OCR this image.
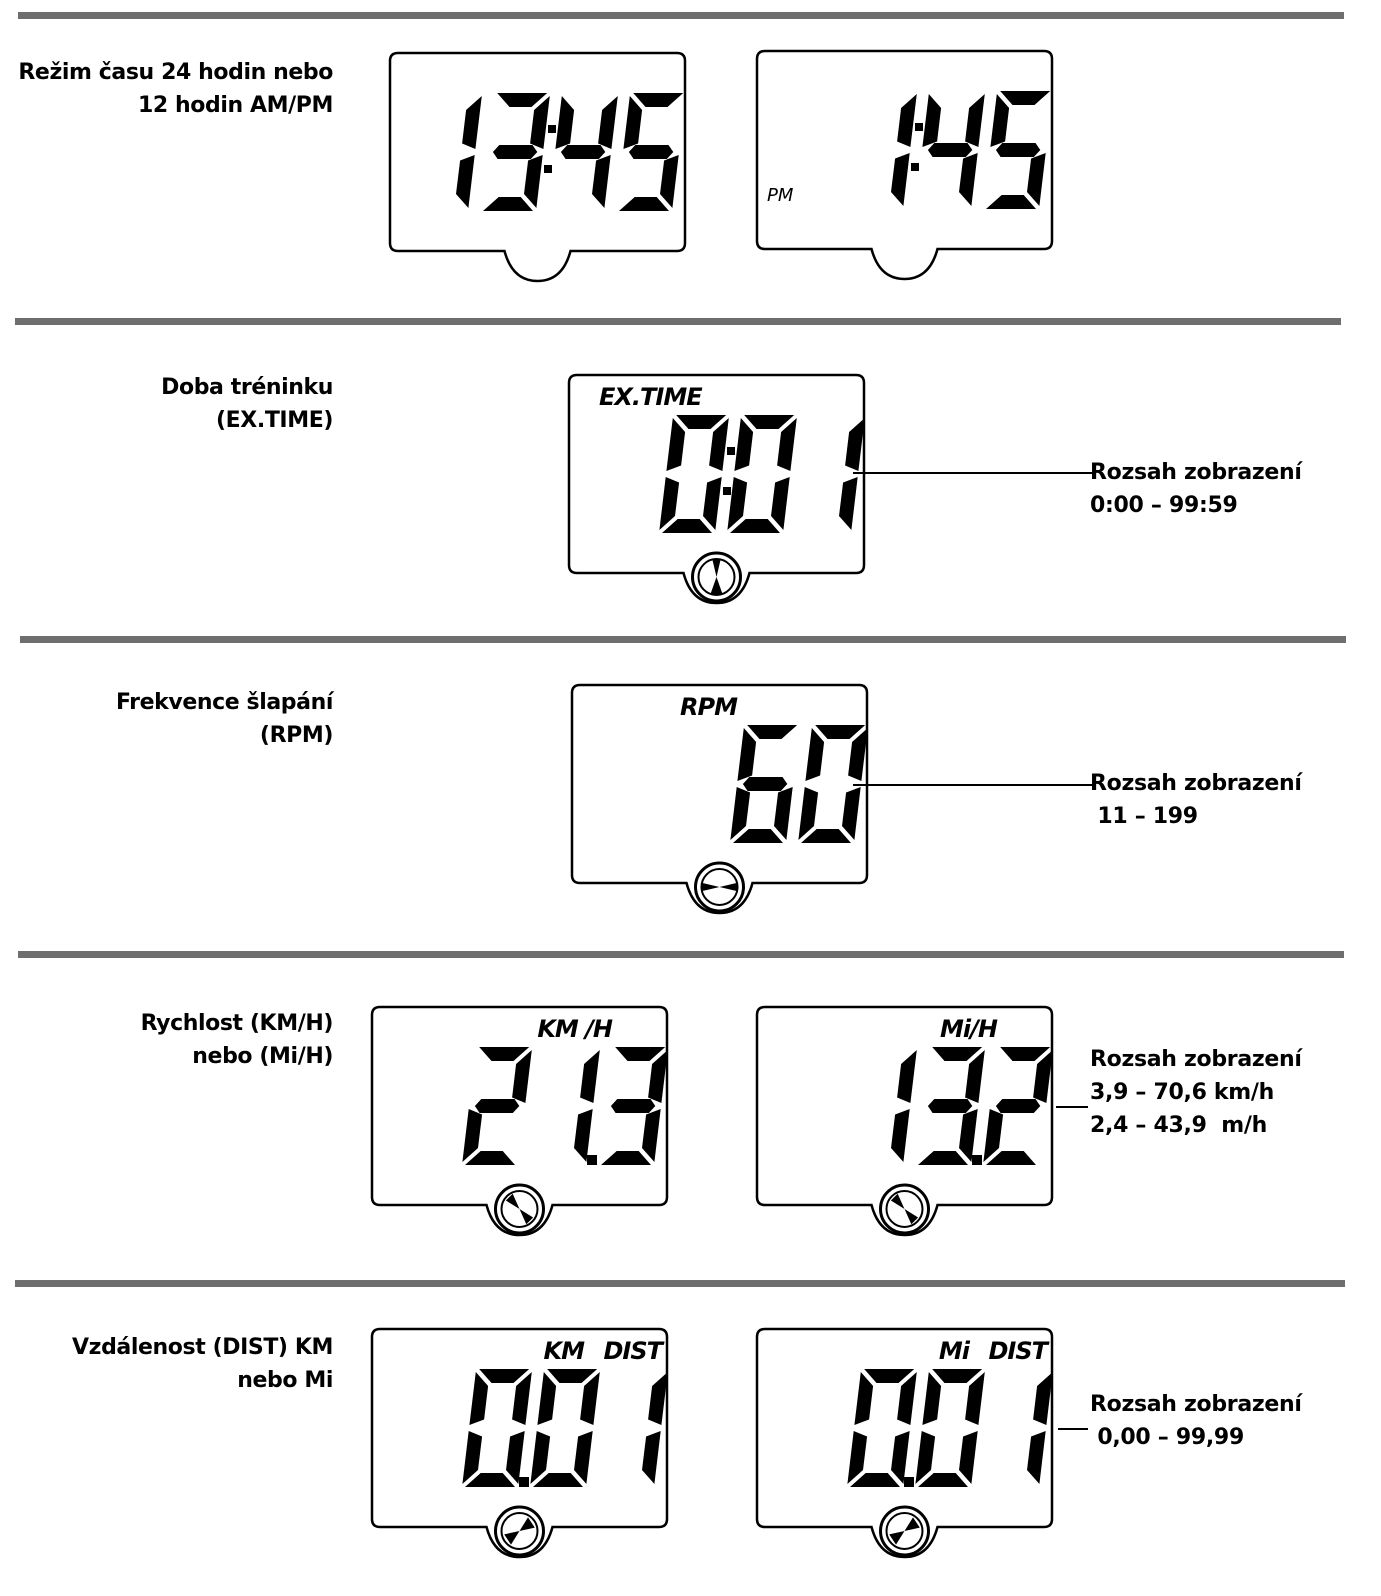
Režim času 24 hodin nebo
12 hodin AM/PM
PM
Doba tréninku
(EX.TIME)
EX.TIME
Rozsah zobrazení
0:00 – 99:59
Frekvence šlapání
(RPM)
RPM
Rozsah zobrazení
11 – 199
Rychlost (KM/H)
nebo (Mi/H)
KM /H	Mi/H
Rozsah zobrazení
3,9 – 70,6 km/h
2,4 – 43,9  m/h
Vzdálenost (DIST) KM
nebo Mi
KM DIST	Mi DIST
Rozsah zobrazení
0,00 – 99,99
